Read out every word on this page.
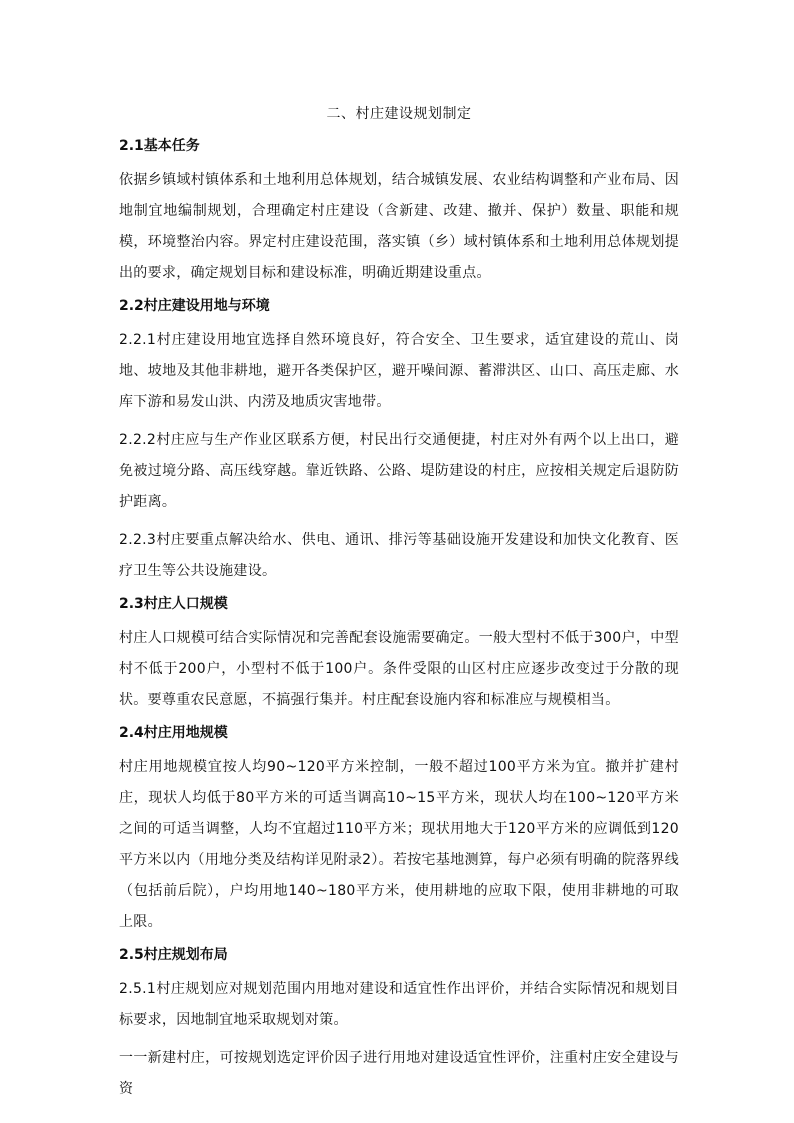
二、村庄建设规划制定
2.1基本任务

依据乡镇域村镇体系和土地利用总体规划，结合城镇发展、农业结构调整和产业布局、因地制宜地编制规划，合理确定村庄建设（含新建、改建、撤并、保护）数量、职能和规模，环境整治内容。界定村庄建设范围，落实镇（乡）域村镇体系和土地利用总体规划提出的要求，确定规划目标和建设标准，明确近期建设重点。

2.2村庄建设用地与环境

2.2.1村庄建设用地宜选择自然环境良好，符合安全、卫生要求，适宜建设的荒山、岗地、坡地及其他非耕地，避开各类保护区，避开噪间源、蓄滞洪区、山口、高压走廊、水库下游和易发山洪、内涝及地质灾害地带。

2.2.2村庄应与生产作业区联系方便，村民出行交通便捷，村庄对外有两个以上出口，避免被过境分路、高压线穿越。靠近铁路、公路、堤防建设的村庄，应按相关规定后退防防护距离。

2.2.3村庄要重点解决给水、供电、通讯、排污等基础设施开发建设和加快文化教育、医疗卫生等公共设施建设。

2.3村庄人口规模

村庄人口规模可结合实际情况和完善配套设施需要确定。一般大型村不低于300户，中型村不低于200户，小型村不低于100户。条件受限的山区村庄应逐步改变过于分散的现状。要尊重农民意愿，不搞强行集并。村庄配套设施内容和标准应与规模相当。

2.4村庄用地规模

村庄用地规模宜按人均90~120平方米控制，一般不超过100平方米为宜。撤并扩建村庄，现状人均低于80平方米的可适当调高10~15平方米，现状人均在100~120平方米之间的可适当调整，人均不宜超过110平方米；现状用地大于120平方米的应调低到120平方米以内（用地分类及结构详见附录2）。若按宅基地测算，每户必须有明确的院落界线（包括前后院），户均用地140~180平方米，使用耕地的应取下限，使用非耕地的可取上限。

2.5村庄规划布局

2.5.1村庄规划应对规划范围内用地对建设和适宜性作出评价，并结合实际情况和规划目标要求，因地制宜地采取规划对策。

一一新建村庄，可按规划选定评价因子进行用地对建设适宜性评价，注重村庄安全建设与资
